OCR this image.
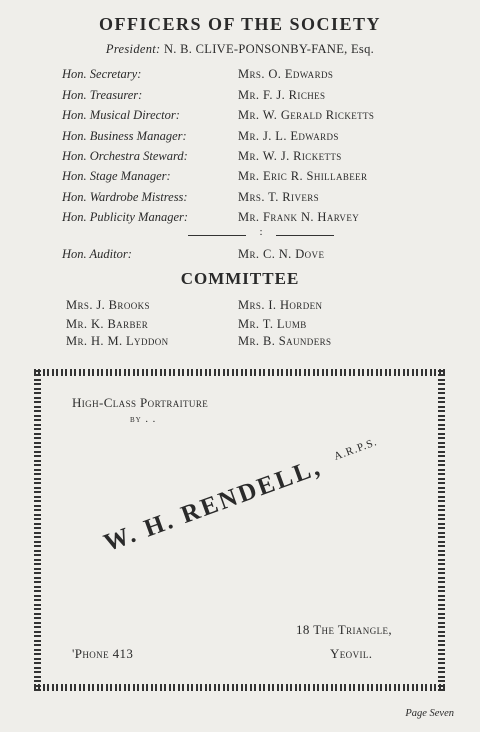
OFFICERS OF THE SOCIETY
President: N. B. CLIVE-PONSONBY-FANE, Esq.
Hon. Secretary:	Mrs. O. Edwards
Hon. Treasurer:	Mr. F. J. Riches
Hon. Musical Director:	Mr. W. Gerald Ricketts
Hon. Business Manager:	Mr. J. L. Edwards
Hon. Orchestra Steward:	Mr. W. J. Ricketts
Hon. Stage Manager:	Mr. Eric R. Shillabeer
Hon. Wardrobe Mistress:	Mrs. T. Rivers
Hon. Publicity Manager:	Mr. Frank N. Harvey
:
Hon. Auditor:	Mr. C. N. Dove
COMMITTEE
Mrs. J. Brooks	Mrs. I. Horden
Mr. K. Barber	Mr. T. Lumb
Mr. H. M. Lyddon	Mr. B. Saunders
High-Class Portraiture
by . .
W. H. RENDELL, $^{A.R.P.S.}$
18 The Triangle,
'Phone 413	Yeovil.
Page Seven
